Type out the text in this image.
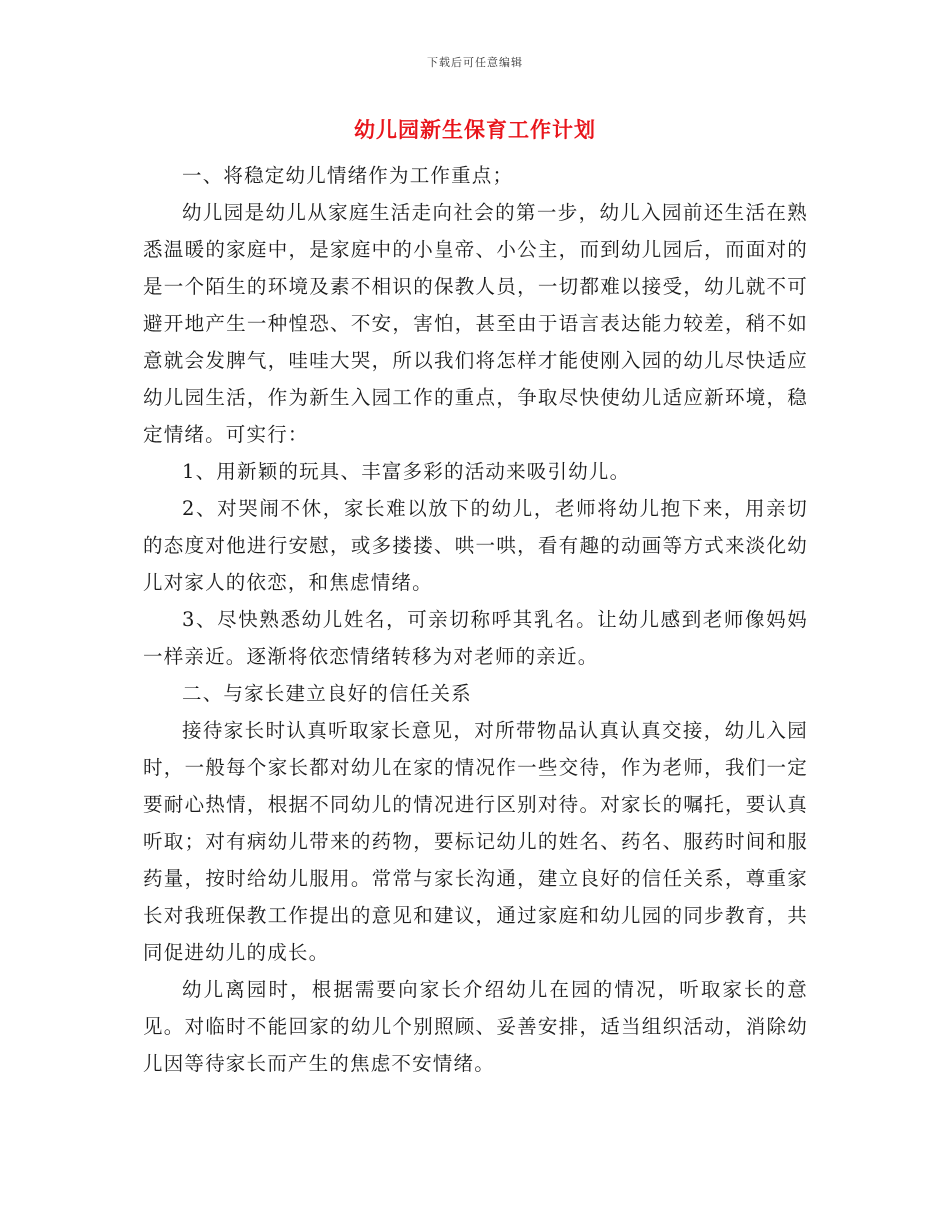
下载后可任意编辑
幼儿园新生保育工作计划

一、将稳定幼儿情绪作为工作重点；

幼儿园是幼儿从家庭生活走向社会的第一步，幼儿入园前还生活在熟悉温暖的家庭中，是家庭中的小皇帝、小公主，而到幼儿园后，而面对的是一个陌生的环境及素不相识的保教人员，一切都难以接受，幼儿就不可避开地产生一种惶恐、不安，害怕，甚至由于语言表达能力较差，稍不如意就会发脾气，哇哇大哭，所以我们将怎样才能使刚入园的幼儿尽快适应幼儿园生活，作为新生入园工作的重点，争取尽快使幼儿适应新环境，稳定情绪。可实行：

1、用新颖的玩具、丰富多彩的活动来吸引幼儿。

2、对哭闹不休，家长难以放下的幼儿，老师将幼儿抱下来，用亲切的态度对他进行安慰，或多搂搂、哄一哄，看有趣的动画等方式来淡化幼儿对家人的依恋，和焦虑情绪。

3、尽快熟悉幼儿姓名，可亲切称呼其乳名。让幼儿感到老师像妈妈一样亲近。逐渐将依恋情绪转移为对老师的亲近。

二、与家长建立良好的信任关系

接待家长时认真听取家长意见，对所带物品认真认真交接，幼儿入园时，一般每个家长都对幼儿在家的情况作一些交待，作为老师，我们一定要耐心热情，根据不同幼儿的情况进行区别对待。对家长的嘱托，要认真听取；对有病幼儿带来的药物，要标记幼儿的姓名、药名、服药时间和服药量，按时给幼儿服用。常常与家长沟通，建立良好的信任关系，尊重家长对我班保教工作提出的意见和建议，通过家庭和幼儿园的同步教育，共同促进幼儿的成长。

幼儿离园时，根据需要向家长介绍幼儿在园的情况，听取家长的意见。对临时不能回家的幼儿个别照顾、妥善安排，适当组织活动，消除幼儿因等待家长而产生的焦虑不安情绪。
